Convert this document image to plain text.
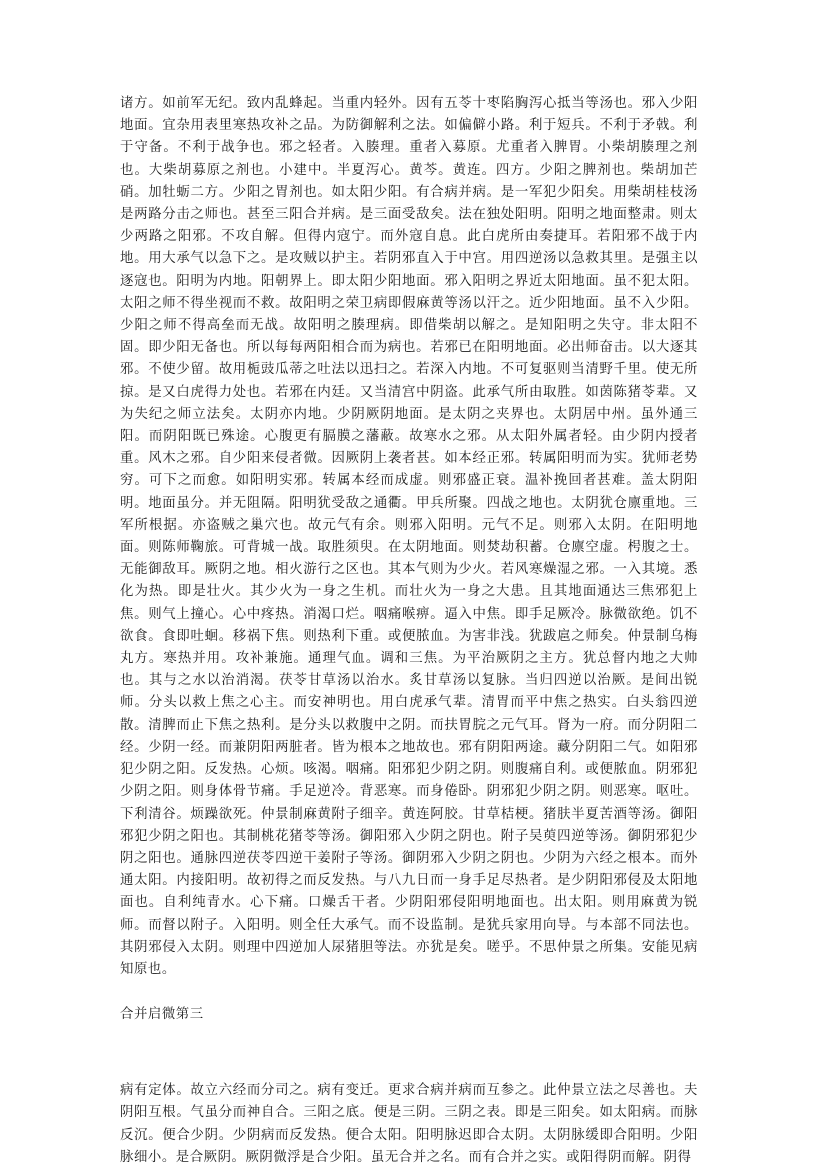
诸方。如前军无纪。致内乱蜂起。当重内轻外。因有五苓十枣陷胸泻心抵当等汤也。邪入少阳地面。宜杂用表里寒热攻补之品。为防御解利之法。如偏僻小路。利于短兵。不利于矛戟。利于守备。不利于战争也。邪之轻者。入腠理。重者入募原。尤重者入脾胃。小柴胡腠理之剂也。大柴胡募原之剂也。小建中。半夏泻心。黄芩。黄连。四方。少阳之脾剂也。柴胡加芒硝。加牡蛎二方。少阳之胃剂也。如太阳少阳。有合病并病。是一军犯少阳矣。用柴胡桂枝汤是两路分击之师也。甚至三阳合并病。是三面受敌矣。法在独处阳明。阳明之地面整肃。则太少两路之阳邪。不攻自解。但得内寇宁。而外寇自息。此白虎所由奏捷耳。若阳邪不战于内地。用大承气以急下之。是攻贼以护主。若阴邪直入于中宫。用四逆汤以急救其里。是强主以逐寇也。阳明为内地。阳朝界上。即太阳少阳地面。邪入阳明之界近太阳地面。虽不犯太阳。太阳之师不得坐视而不救。故阳明之荣卫病即假麻黄等汤以汗之。近少阳地面。虽不入少阳。少阳之师不得高垒而无战。故阳明之腠理病。即借柴胡以解之。是知阳明之失守。非太阳不固。即少阳无备也。所以每每两阳相合而为病也。若邪已在阳明地面。必出师奋击。以大逐其邪。不使少留。故用栀豉瓜蒂之吐法以迅扫之。若深入内地。不可复驱则当清野千里。使无所 掠。是又白虎得力处也。若邪在内廷。又当清宫中阴盗。此承气所由取胜。如茵陈猪苓辈。又为失纪之师立法矣。太阴亦内地。少阴厥阴地面。是太阴之夹界也。太阴居中州。虽外通三阳。而阴阳既已殊途。心腹更有膈膜之藩蔽。故寒水之邪。从太阳外属者轻。由少阴内授者重。风木之邪。自少阳来侵者微。因厥阴上袭者甚。如本经正邪。转属阳明而为实。犹师老势穷。可下之而愈。如阳明实邪。转属本经而成虚。则邪盛正衰。温补挽回者甚难。盖太阴阳明。地面虽分。并无阻隔。阳明犹受敌之通衢。甲兵所聚。四战之地也。太阴犹仓廪重地。三军所根据。亦盗贼之巢穴也。故元气有余。则邪入阳明。元气不足。则邪入太阴。在阳明地面。则陈师鞠旅。可背城一战。取胜须臾。在太阴地面。则焚劫积蓄。仓廪空虚。枵腹之士。无能御敌耳。厥阴之地。相火游行之区也。其本气则为少火。若风寒燥湿之邪。一入其境。悉化为热。即是壮火。其少火为一身之生机。而壮火为一身之大患。且其地面通达三焦邪犯上焦。则气上撞心。心中疼热。消渴口烂。咽痛喉痹。逼入中焦。即手足厥冷。脉微欲绝。饥不欲食。食即吐蛔。移祸下焦。则热利下重。或便脓血。为害非浅。犹跋扈之师矣。仲景制乌梅丸方。寒热并用。攻补兼施。通理气血。调和三焦。为平治厥阴之主方。犹总督内地之大帅也。其与之水以治消渴。茯苓甘草汤以治水。炙甘草汤以复脉。当归四逆以治厥。是间出锐师。分头以救上焦之心主。而安神明也。用白虎承气辈。清胃而平中焦之热实。白头翁四逆散。清脾而止下焦之热利。是分头以救腹中之阴。而扶胃脘之元气耳。肾为一府。而分阴阳二经。少阴一经。而兼阴阳两脏者。皆为根本之地故也。邪有阴阳两途。藏分阴阳二气。如阳邪犯少阴之阳。反发热。心烦。咳渴。咽痛。阳邪犯少阴之阴。则腹痛自利。或便脓血。阴邪犯少阴之阳。则身体骨节痛。手足逆冷。背恶寒。而身倦卧。阴邪犯少阴之阴。则恶寒。呕吐。下利清谷。烦躁欲死。仲景制麻黄附子细辛。黄连阿胶。甘草桔梗。猪肤半夏苦酒等汤。御阳邪犯少阴之阳也。其制桃花猪苓等汤。御阳邪入少阴之阴也。附子吴萸四逆等汤。御阴邪犯少阴之阳也。通脉四逆茯苓四逆干姜附子等汤。御阴邪入少阴之阴也。少阴为六经之根本。而外通太阳。内接阳明。故初得之而反发热。与八九日而一身手足尽热者。是少阴阳邪侵及太阳地面也。自利纯青水。心下痛。口燥舌干者。少阴阳邪侵阳明地面也。出太阳。则用麻黄为锐师。而督以附子。入阳明。则全任大承气。而不设监制。是犹兵家用向导。与本部不同法也。其阴邪侵入太阴。则理中四逆加人尿猪胆等法。亦犹是矣。嗟乎。不思仲景之所集。安能见病知原也。

合并启微第三

病有定体。故立六经而分司之。病有变迁。更求合病并病而互参之。此仲景立法之尽善也。夫阴阳互根。气虽分而神自合。三阳之底。便是三阴。三阴之表。即是三阳矣。如太阳病。而脉反沉。便合少阴。少阴病而反发热。便合太阳。阳明脉迟即合太阴。太阴脉缓即合阳明。少阳脉细小。是合厥阴。厥阴微浮是合少阳。虽无合并之名。而有合并之实。或阳得阴而解。阴得
